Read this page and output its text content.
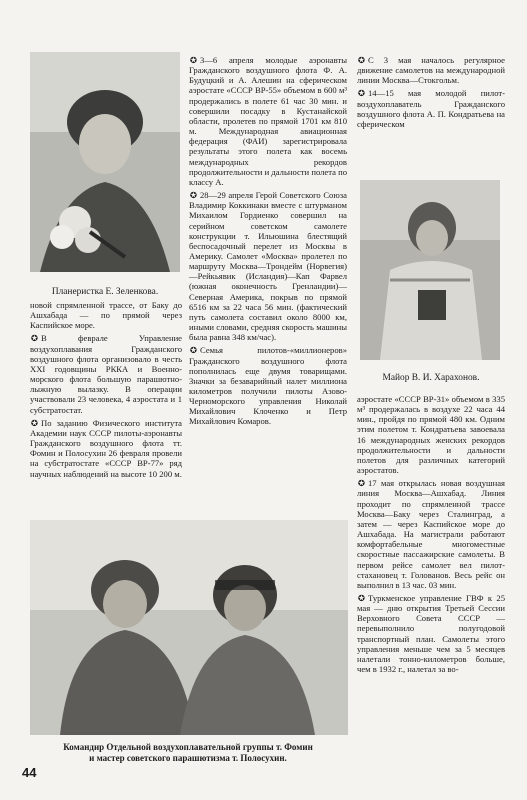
Планеристка Е. Зеленкова.

новой спрямленной трассе, от Баку до Ашхабада — по прямой через Каспийское море.

✪ В феврале Управление воздухоплавания Гражданского воздушного флота организовало в честь XXI годовщины РККА и Военно-морского флота большую парашютно-лыжную вылазку. В операции участвовали 23 человека, 4 аэростата и 1 субстратостат.

✪ По заданию Физического института Академии наук СССР пилоты-аэронавты Гражданского воздушного флота тт. Фомин и Полосухин 26 февраля провели на субстратостате «СССР ВР-77» ряд научных наблюдений на высоте 10 200 м.

✪ 3—6 апреля молодые аэронавты Гражданского воздушного флота Ф. А. Будуцкий и А. Алешин на сферическом аэростате «СССР ВР-55» объемом в 600 м³ продержались в полете 61 час 30 мин. и совершили посадку в Кустанайской области, пролетев по прямой 1701 км 810 м. Международная авиационная федерация (ФАИ) зарегистрировала результаты этого полета как восемь международных рекордов продолжительности и дальности полета по классу А.

✪ 28—29 апреля Герой Советского Союза Владимир Коккинаки вместе с штурманом Михаилом Гордиенко совершил на серийном советском самолете конструкции т. Ильюшина блестящий беспосадочный перелет из Москвы в Америку. Самолет «Москва» пролетел по маршруту Москва—Трондейм (Норвегия)—Рейкьявик (Исландия)—Кап Фарвел (южная оконечность Гренландии)—Северная Америка, покрыв по прямой 6516 км за 22 часа 56 мин. (фактический путь самолета составил около 8000 км, иными словами, средняя скорость машины была равна 348 км/час).

✪ Семья пилотов-«миллионеров» Гражданского воздушного флота пополнилась еще двумя товарищами. Значки за безаварийный налет миллиона километров получили пилоты Азово-Черноморского управления Николай Михайлович Клоченко и Петр Михайлович Комаров.

✪ С 3 мая началось регулярное движение самолетов на международной линии Москва—Стокгольм.

✪ 14—15 мая молодой пилот-воздухоплаватель Гражданского воздушного флота А. П. Кондратьева на сферическом

Майор В. И. Харахонов.

аэростате «СССР ВР-31» объемом в 335 м³ продержалась в воздухе 22 часа 44 мин., пройдя по прямой 480 км. Одним этим полетом т. Кондратьева завоевала 16 международных женских рекордов продолжительности и дальности полетов для различных категорий аэростатов.

✪ 17 мая открылась новая воздушная линия Москва—Ашхабад. Линия проходит по спрямленной трассе Москва—Баку через Сталинград, а затем — через Каспийское море до Ашхабада. На магистрали работают комфортабельные многоместные скоростные пассажирские самолеты. В первом рейсе самолет вел пилот-стахановец т. Голованов. Весь рейс он выполнил в 13 час. 03 мин.

✪ Туркменское управление ГВФ к 25 мая — дню открытия Третьей Сессии Верховного Совета СССР — перевыполнило полугодовой транспортный план. Самолеты этого управления меньше чем за 5 месяцев налетали тонно-километров больше, чем в 1932 г., налетал за во-

Командир Отдельной воздухоплавательной группы т. Фомин
и мастер советского парашютизма т. Полосухин.
44
